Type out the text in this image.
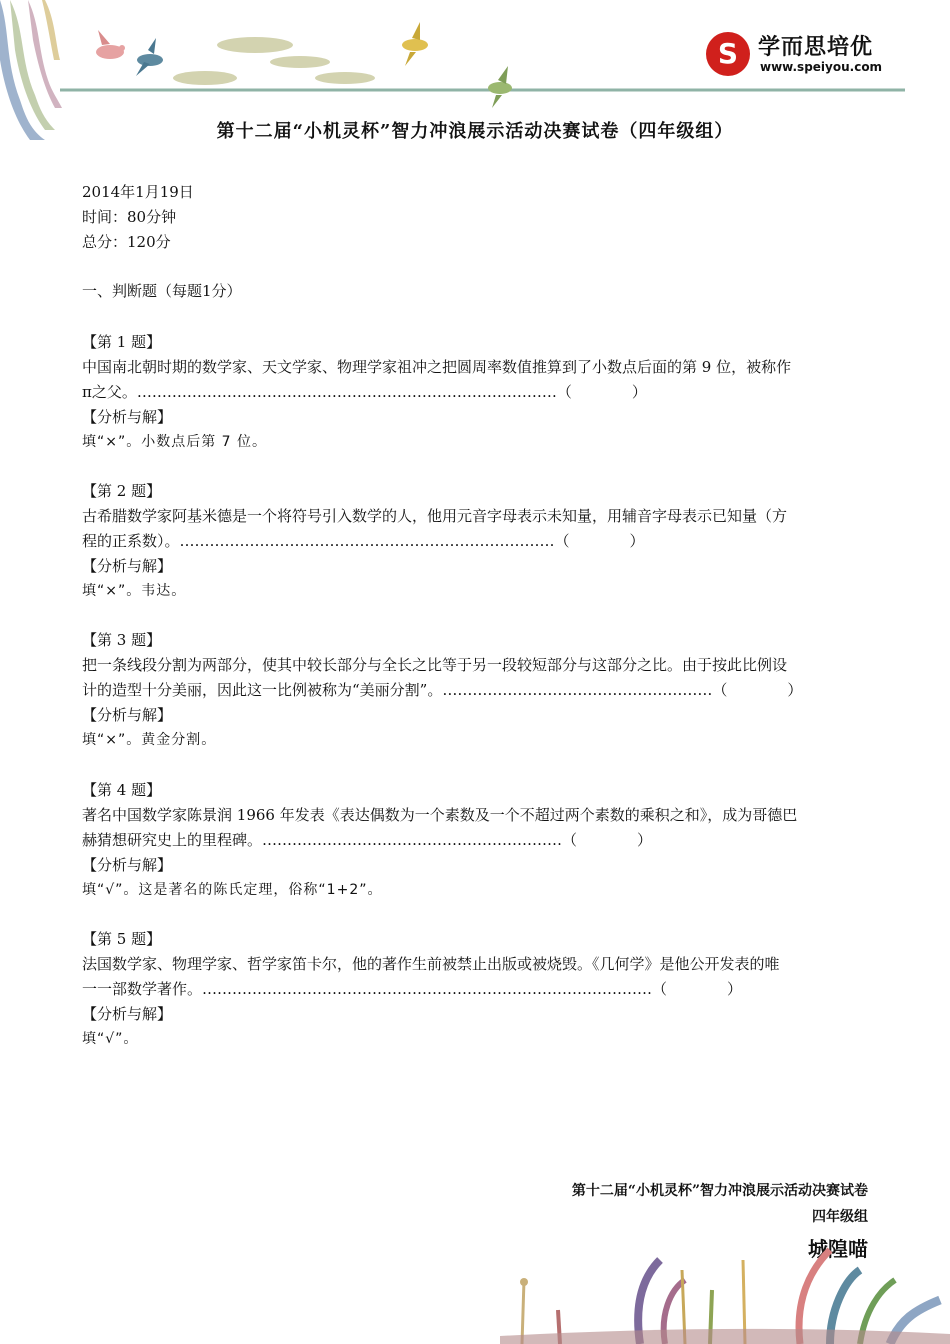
S 学而思培优
www.speiyou.com
第十二届“小机灵杯”智力冲浪展示活动决赛试卷（四年级组）
2014年1月19日
时间：80分钟
总分：120分
一、判断题（每题1分）
【第 1 题】
中国南北朝时期的数学家、天文学家、物理学家祖冲之把圆周率数值推算到了小数点后面的第 9 位，被称作
π之父。…………………………………………………………………………（　　　　）
【分析与解】
填“×”。小数点后第 7 位。
【第 2 题】
古希腊数学家阿基米德是一个将符号引入数学的人，他用元音字母表示未知量，用辅音字母表示已知量（方
程的正系数）。…………………………………………………………………（　　　　）
【分析与解】
填“×”。韦达。
【第 3 题】
把一条线段分割为两部分，使其中较长部分与全长之比等于另一段较短部分与这部分之比。由于按此比例设
计的造型十分美丽，因此这一比例被称为“美丽分割”。………………………………………………（　　　　）
【分析与解】
填“×”。黄金分割。
【第 4 题】
著名中国数学家陈景润 1966 年发表《表达偶数为一个素数及一个不超过两个素数的乘积之和》，成为哥德巴
赫猜想研究史上的里程碑。……………………………………………………（　　　　）
【分析与解】
填“√”。这是著名的陈氏定理，俗称“1+2”。
【第 5 题】
法国数学家、物理学家、哲学家笛卡尔，他的著作生前被禁止出版或被烧毁。《几何学》是他公开发表的唯
一一部数学著作。………………………………………………………………………………（　　　　）
【分析与解】
填“√”。
第十二届“小机灵杯”智力冲浪展示活动决赛试卷
四年级组
城隍喵
